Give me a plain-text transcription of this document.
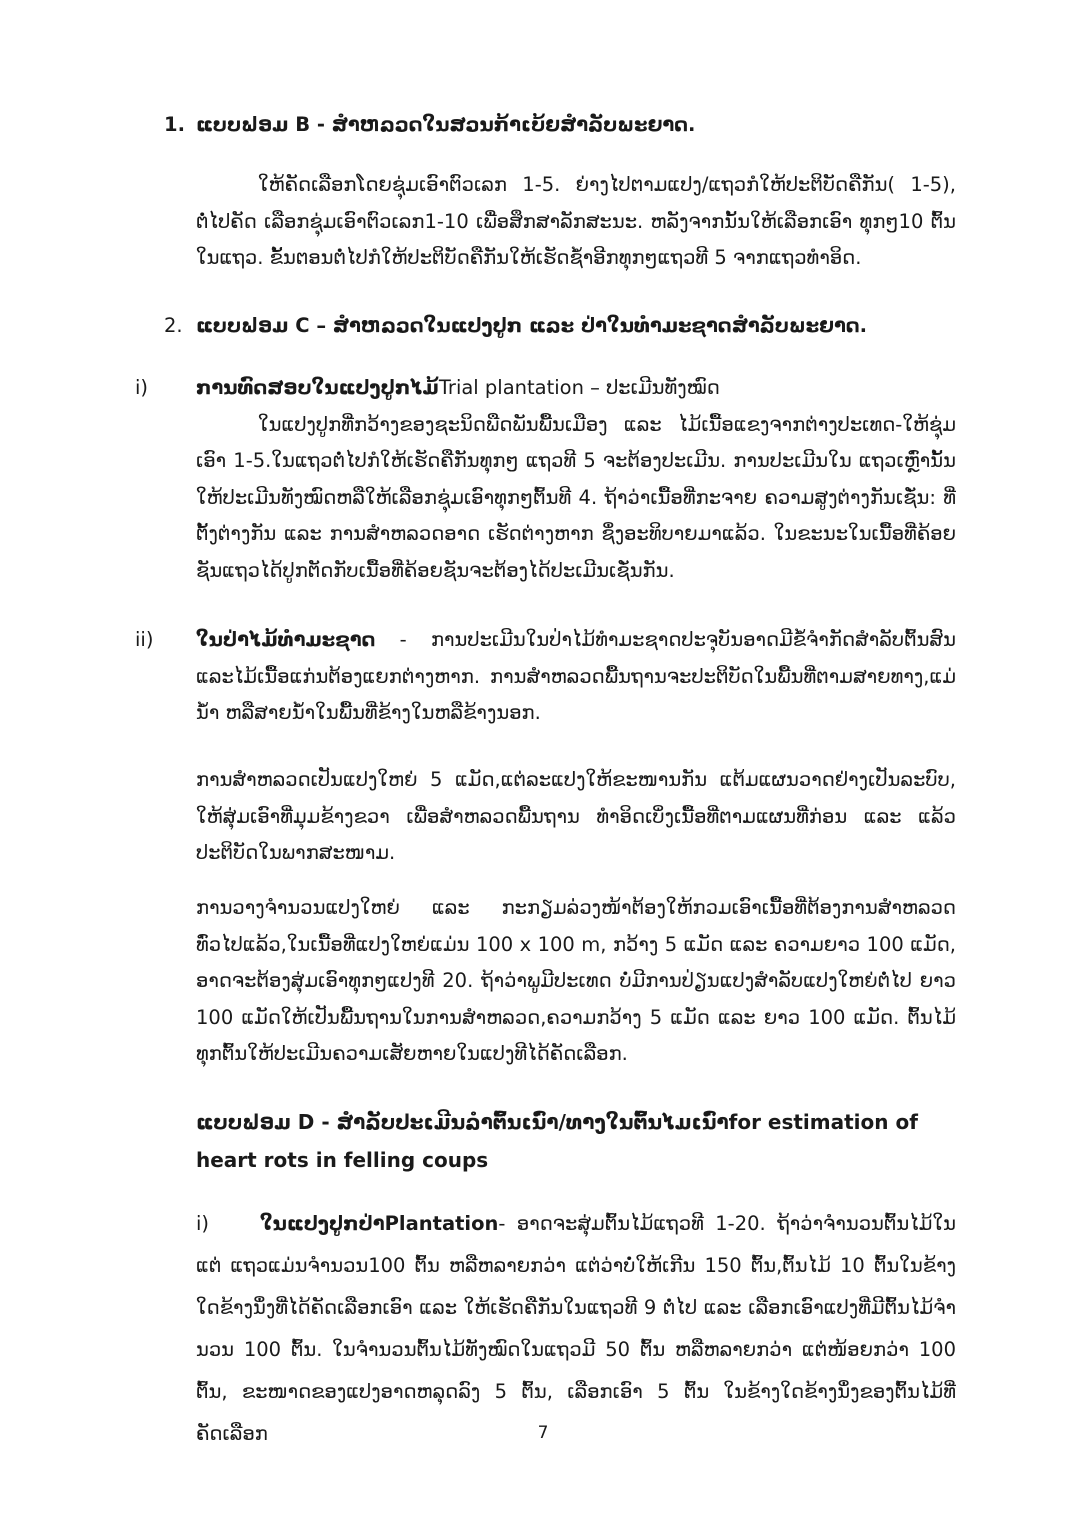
1. ແບບຟອມ B - ສໍາຫລວດໃນສວນກ້າເບ້ຍສໍາລັບພະຍາດ.

ໃຫ້ຄັດເລືອກໂດຍຊຸ່ມເອົາຕົວເລກ 1-5. ຍ່າງໄປຕາມແປງ/ແຖວກໍໃຫ້ປະຕິບັດຄືກັນ( 1-5), ຕໍ່ໄປຄັດ ເລືອກຊຸ່ມເອົາຕົວເລກ1-10 ເພື່ອສຶກສາລັກສະນະ. ຫລັງຈາກນັ້ນໃຫ້ເລືອກເອົາ ທຸກໆ10 ຕົ້ນໃນແຖວ. ຂັ້ນຕອນຕໍ່ໄປກໍໃຫ້ປະຕິບັດຄືກັນໃຫ້ເຮັດຊ້ຳອີກທຸກໆແຖວທີ 5 ຈາກແຖວທໍາອິດ.

2. ແບບຟອມ C – ສໍາຫລວດໃນແປງປູກ ແລະ ປ່າໃນທໍາມະຊາດສໍາລັບພະຍາດ.
i) ການທົດສອບໃນແປງປູກໄມ້Trial plantation – ປະເມີນທັງໝົດ

ໃນແປງປູກທີ່ກວ້າງຂອງຊະນິດພືດພັນພື້ນເມືອງ ແລະ ໄມ້ເນື້ອແຂງຈາກຕ່າງປະເທດ-ໃຫ້ຊຸ່ມເອົາ 1-5.ໃນແຖວຕໍ່ໄປກໍໃຫ້ເຮັດຄືກັນທຸກໆ ແຖວທີ 5 ຈະຕ້ອງປະເມີນ. ການປະເມີນໃນ ແຖວເຫຼົ່ານັ້ນໃຫ້ປະເມີນທັງໝົດຫລືໃຫ້ເລືອກຊຸ່ມເອົາທຸກໆຕົ້ນທີ 4. ຖ້າວ່າເນື້ອທີ່ກະຈາຍ ຄວາມສູງຕ່າງກັນເຊັ່ນ: ທີ່ຕັ້ງຕ່າງກັນ ແລະ ການສໍາຫລວດອາດ ເຮັດຕ່າງຫາກ ຊຶ່ງອະທິບາຍມາແລ້ວ. ໃນຂະນະໃນເນື້ອທີ່ຄ້ອຍຊັນແຖວໄດ້ປູກຕັດກັບເນື້ອທີ່ຄ້ອຍຊັນຈະຕ້ອງໄດ້ປະເມີນເຊັ່ນກັນ.

ii) ໃນປ່າໄມ້ທໍາມະຊາດ - ການປະເມີນໃນປ່າໄມ້ທໍາມະຊາດປະຈຸບັນອາດມີຂໍ້ຈໍາກັດສໍາລັບຕົ້ນສົນ ແລະໄມ້ເນື້ອແກ່ນຕ້ອງແຍກຕ່າງຫາກ. ການສໍາຫລວດພື້ນຖານຈະປະຕິບັດໃນພື້ນທີ່ຕາມສາຍທາງ,ແມ່ນ້ຳ ຫລືສາຍນ້ຳໃນພື້ນທີ່ຂ້າງໃນຫລືຂ້າງນອກ.

ການສໍາຫລວດເປັນແປງໃຫຍ່ 5 ແມັດ,ແຕ່ລະແປງໃຫ້ຂະໜານກັນ ແຕ້ມແຜນວາດຢ່າງເປັນລະບົບ, ໃຫ້ສຸ່ມເອົາທີ່ມຸມຂ້າງຂວາ ເພື່ອສໍາຫລວດພື້ນຖານ ທໍາອິດເບິ່ງເນື້ອທີ່ຕາມແຜນທີ່ກ່ອນ ແລະ ແລ້ວປະຕິບັດໃນພາກສະໜາມ.

ການວາງຈໍານວນແປງໃຫຍ່ ແລະ ກະກຽມລ່ວງໜ້າຕ້ອງໃຫ້ກວມເອົາເນື້ອທີ່ຕ້ອງການສໍາຫລວດ ທົ່ວໄປແລ້ວ,ໃນເນື້ອທີ່ແປງໃຫຍ່ແມ່ນ 100 x 100 m, ກວ້າງ 5 ແມັດ ແລະ ຄວາມຍາວ 100 ແມັດ, ອາດຈະຕ້ອງສຸ່ມເອົາທຸກໆແປງທີ 20. ຖ້າວ່າພູມີປະເທດ ບໍ່ມີການປ່ຽນແປງສໍາລັບແປງໃຫຍ່ຕໍ່ໄປ ຍາວ 100 ແມັດໃຫ້ເປັນພື້ນຖານໃນການສໍາຫລວດ,ຄວາມກວ້າງ 5 ແມັດ ແລະ ຍາວ 100 ແມັດ. ຕົ້ນໄມ້ ທຸກຕົ້ນໃຫ້ປະເມີນຄວາມເສັຍຫາຍໃນແປງທີໄດ້ຄັດເລືອກ.

ແບບຟອມ D - ສໍາລັບປະເມີນລໍາຕົ້ນເນົ່າ/ທາງໃນຕົ້ນໄມເນົ່າfor estimation of heart rots in felling coups
i)	ໃນແປງປູກປ່າPlantation- ອາດຈະສຸ່ມຕົ້ນໄມ້ແຖວທີ 1-20. ຖ້າວ່າຈໍານວນຕົ້ນໄມ້ໃນແຕ່ ແຖວແມ່ນຈໍານວນ100 ຕົ້ນ ຫລືຫລາຍກວ່າ ແຕ່ວ່າບໍ່ໃຫ້ເກີນ 150 ຕົ້ນ,ຕົ້ນໄມ້ 10 ຕົ້ນໃນຂ້າງ ໃດຂ້າງນຶ່ງທີ່ໄດ້ຄັດເລືອກເອົາ ແລະ ໃຫ້ເຮັດຄືກັນໃນແຖວທີ 9 ຕໍ່ໄປ ແລະ ເລືອກເອົາແປງທີ່ມີຕົ້ນໄມ້ຈໍານວນ 100 ຕົ້ນ. ໃນຈໍານວນຕົ້ນໄມ້ທັງໝົດໃນແຖວມີ 50 ຕົ້ນ ຫລືຫລາຍກວ່າ ແຕ່ໜ້ອຍກວ່າ 100 ຕົ້ນ, ຂະໜາດຂອງແປງອາດຫລຸດລົງ 5 ຕົ້ນ, ເລືອກເອົາ 5 ຕົ້ນ ໃນຂ້າງໃດຂ້າງນຶ່ງຂອງຕົ້ນໄມ້ທີ່ຄັດເລືອກ	7
